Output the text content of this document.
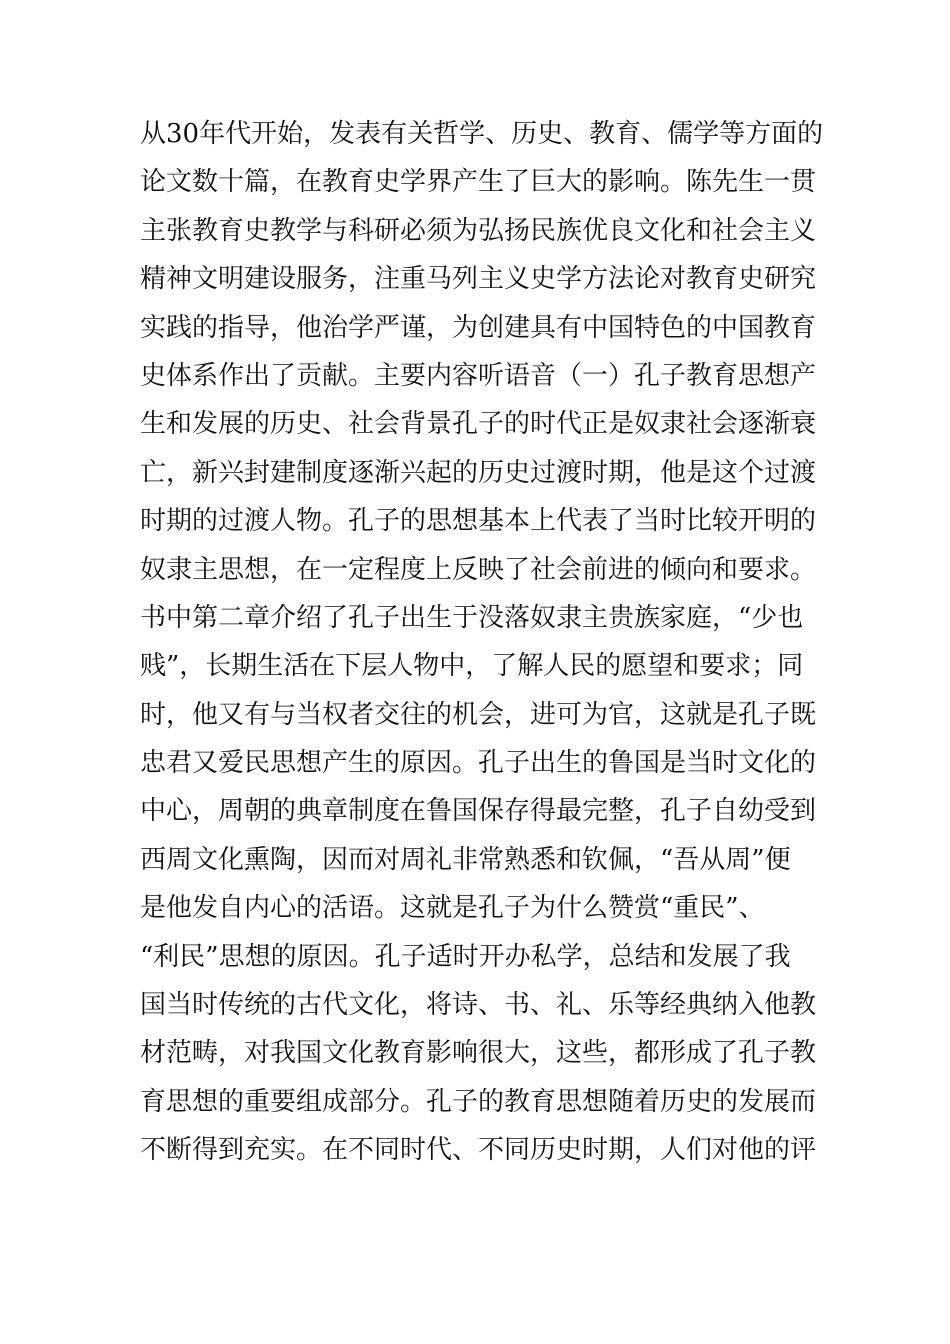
从30年代开始，发表有关哲学、历史、教育、儒学等方面的
论文数十篇，在教育史学界产生了巨大的影响。陈先生一贯
主张教育史教学与科研必须为弘扬民族优良文化和社会主义
精神文明建设服务，注重马列主义史学方法论对教育史研究
实践的指导，他治学严谨，为创建具有中国特色的中国教育
史体系作出了贡献。主要内容听语音（一）孔子教育思想产
生和发展的历史、社会背景孔子的时代正是奴隶社会逐渐衰
亡，新兴封建制度逐渐兴起的历史过渡时期，他是这个过渡
时期的过渡人物。孔子的思想基本上代表了当时比较开明的
奴隶主思想，在一定程度上反映了社会前进的倾向和要求。
书中第二章介绍了孔子出生于没落奴隶主贵族家庭，“少也
贱”，长期生活在下层人物中，了解人民的愿望和要求；同
时，他又有与当权者交往的机会，进可为官，这就是孔子既
忠君又爱民思想产生的原因。孔子出生的鲁国是当时文化的
中心，周朝的典章制度在鲁国保存得最完整，孔子自幼受到
西周文化熏陶，因而对周礼非常熟悉和钦佩，“吾从周”便
是他发自内心的活语。这就是孔子为什么赞赏“重民”、
“利民”思想的原因。孔子适时开办私学，总结和发展了我
国当时传统的古代文化，将诗、书、礼、乐等经典纳入他教
材范畴，对我国文化教育影响很大，这些，都形成了孔子教
育思想的重要组成部分。孔子的教育思想随着历史的发展而
不断得到充实。在不同时代、不同历史时期，人们对他的评
